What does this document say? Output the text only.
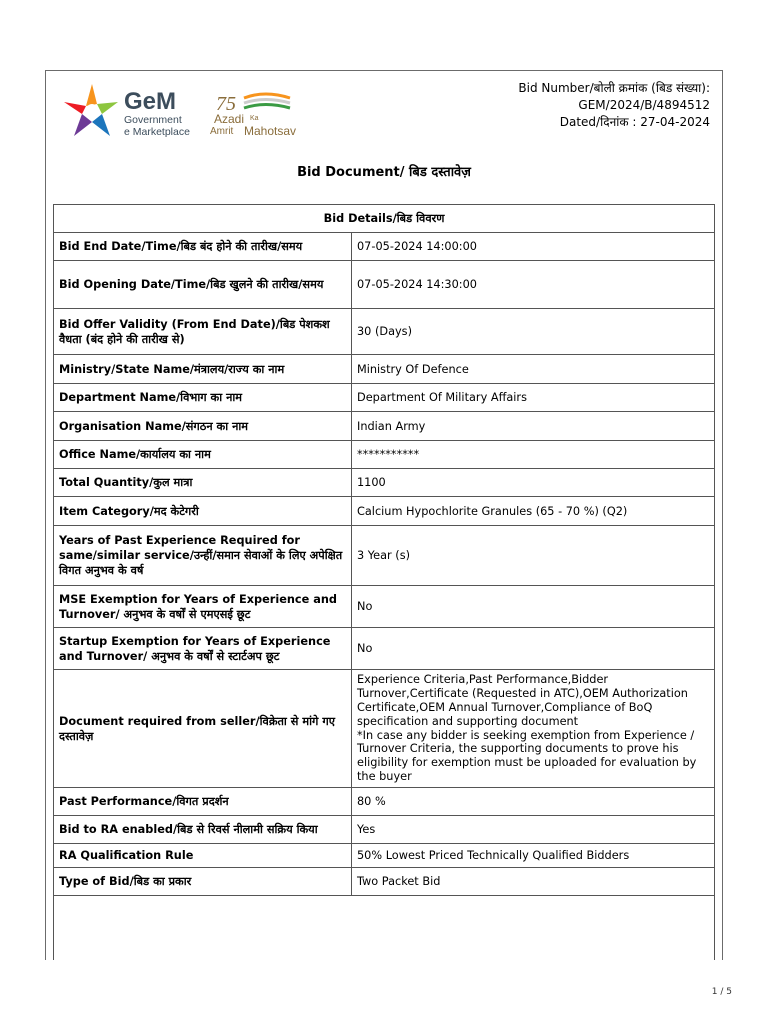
GeM
Government
e Marketplace
75
Azadi Ka
Amrit Mahotsav
Bid Number/बोली क्रमांक (बिड संख्या):
GEM/2024/B/4894512
Dated/दिनांक : 27-04-2024
Bid Document/ बिड दस्तावेज़
Bid Details/बिड विवरण	
Bid End Date/Time/बिड बंद होने की तारीख/समय	07-05-2024 14:00:00
Bid Opening Date/Time/बिड खुलने की तारीख/समय	07-05-2024 14:30:00
Bid Offer Validity (From End Date)/बिड पेशकश वैधता (बंद होने की तारीख से)	30 (Days)
Ministry/State Name/मंत्रालय/राज्य का नाम	Ministry Of Defence
Department Name/विभाग का नाम	Department Of Military Affairs
Organisation Name/संगठन का नाम	Indian Army
Office Name/कार्यालय का नाम	***********
Total Quantity/कुल मात्रा	1100
Item Category/मद केटेगरी	Calcium Hypochlorite Granules (65 - 70 %) (Q2)
Years of Past Experience Required for same/similar service/उन्हीं/समान सेवाओं के लिए अपेक्षित विगत अनुभव के वर्ष	3 Year (s)
MSE Exemption for Years of Experience and Turnover/ अनुभव के वर्षों से एमएसई छूट	No
Startup Exemption for Years of Experience and Turnover/ अनुभव के वर्षों से स्टार्टअप छूट	No
Document required from seller/विक्रेता से मांगे गए दस्तावेज़	Experience Criteria,Past Performance,Bidder Turnover,Certificate (Requested in ATC),OEM Authorization Certificate,OEM Annual Turnover,Compliance of BoQ specification and supporting document
*In case any bidder is seeking exemption from Experience / Turnover Criteria, the supporting documents to prove his eligibility for exemption must be uploaded for evaluation by the buyer
Past Performance/विगत प्रदर्शन	80 %
Bid to RA enabled/बिड से रिवर्स नीलामी सक्रिय किया	Yes
RA Qualification Rule	50% Lowest Priced Technically Qualified Bidders
Type of Bid/बिड का प्रकार	Two Packet Bid
1 / 5
